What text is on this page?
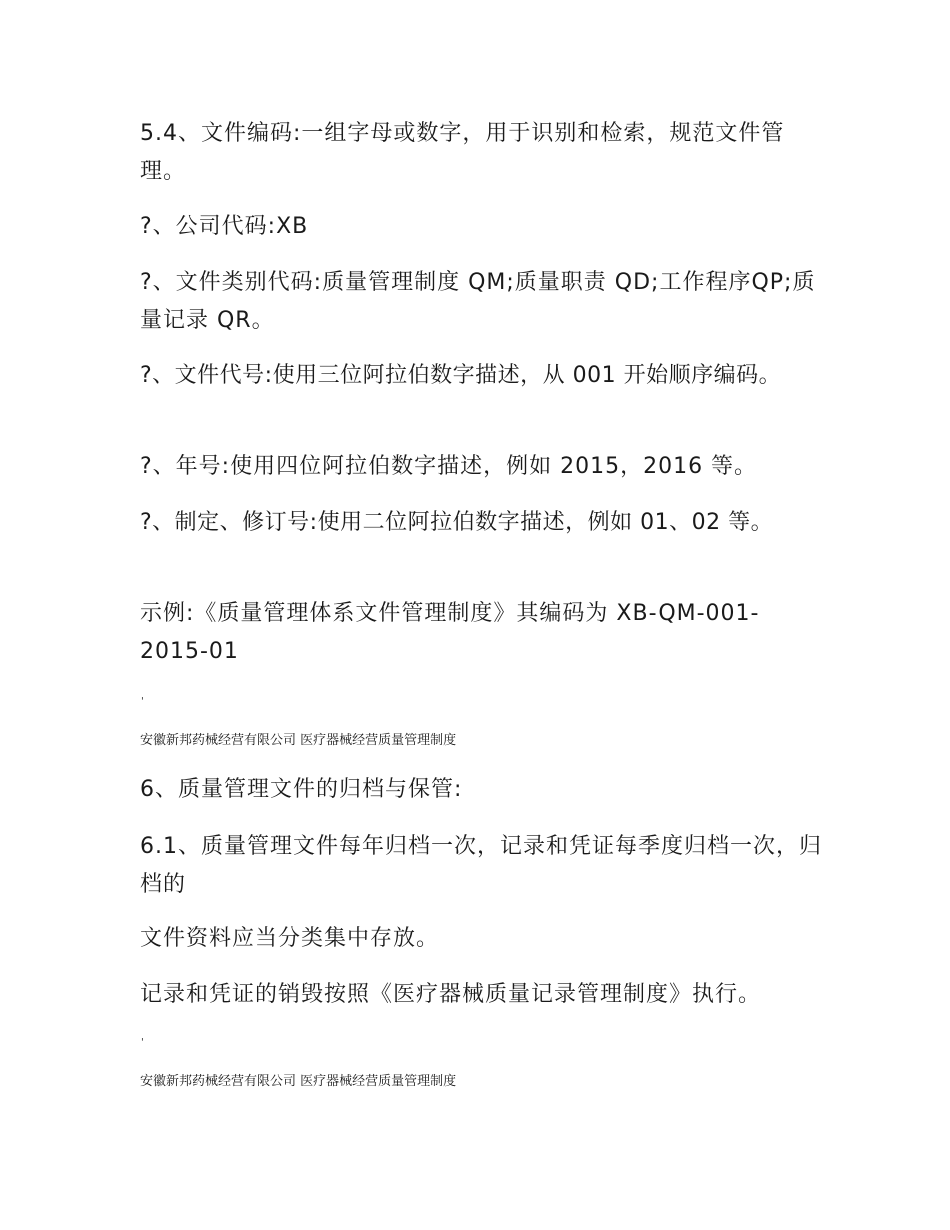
5.4、文件编码:一组字母或数字，用于识别和检索，规范文件管理。

?、公司代码:XB

?、文件类别代码:质量管理制度 QM;质量职责 QD;工作程序QP;质量记录 QR。

?、文件代号:使用三位阿拉伯数字描述，从 001 开始顺序编码。

?、年号:使用四位阿拉伯数字描述，例如 2015，2016 等。

?、制定、修订号:使用二位阿拉伯数字描述，例如 01、02 等。

示例:《质量管理体系文件管理制度》其编码为 XB-QM-001-2015-01

'
安徽新邦药械经营有限公司 医疗器械经营质量管理制度

6、质量管理文件的归档与保管:

6.1、质量管理文件每年归档一次，记录和凭证每季度归档一次，归档的

文件资料应当分类集中存放。

记录和凭证的销毁按照《医疗器械质量记录管理制度》执行。

'
安徽新邦药械经营有限公司 医疗器械经营质量管理制度
